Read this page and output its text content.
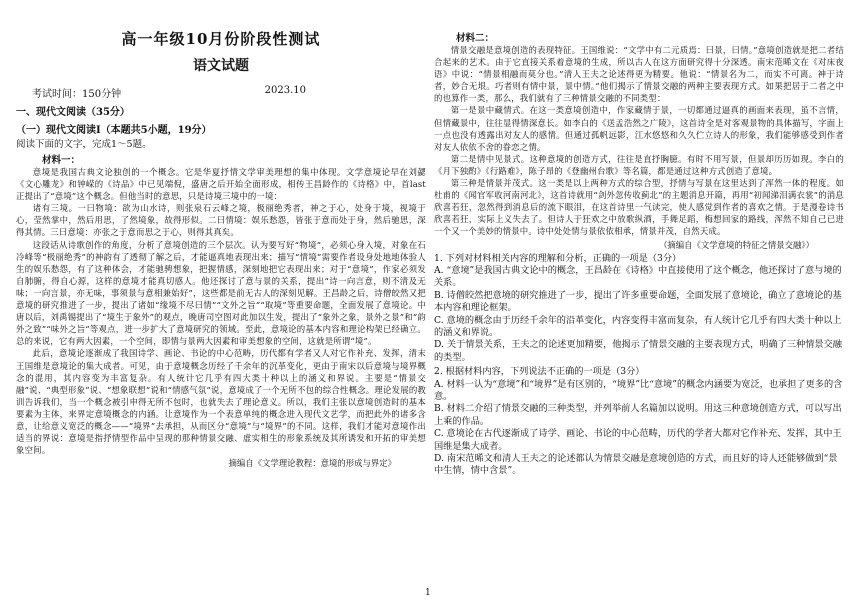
高一年级10月份阶段性测试

语文试题

考试时间：150分钟	2023.10

一、现代文阅读（35分）

（一）现代文阅读I（本题共5小题，19分）

阅读下面的文字，完成1～5题。

材料一：

意境是我国古典文论独创的一个概念。它是华夏抒情文学审美理想的集中体现。文学意境论早在刘勰《文心雕龙》和钟嵘的《诗品》中已见端倪，盛唐之后开始全面形成，相传王昌龄作的《诗格》中，首last正提出了“意境”这个概念。但他当时的意思，只是诗境三境中的一境：

诸有三境。一曰物境：欲为山水诗，则张泉石云峰之境，极丽绝秀者，神之于心，处身于境，视境于心，莹然掌中，然后用思，了然境象，故得形似。二曰情境：娱乐愁怨，皆张于意而处于身，然后驰思，深得其情。三曰意境：亦张之于意而思之于心，则得其真矣。

这段话从诗歌创作的角度，分析了意境创造的三个层次。认为要写好“物境”，必须心身入境，对象在石冷峰等“极丽绝秀”的神韵有了透彻了解之后，才能逼真地表现出来；描写“情境”需要作者设身处地地体验人生的娱乐愁怨，有了这种体会，才能驰骋想象，把握情感，深刻地把它表现出来；对于“意境”，作家必须发自肺腑，得自心源，这样的意境才能真切感人。他还探讨了意与景的关系，提出“诗一向言意，则不清及无味；一向言景，亦无味，事须景与意相兼始好”，这些都是前无古人的深刻见解。王昌龄之后，诗僧皎然又把意境的研究推进了一步，提出了诸如“缘境不尽曰情”“文外之旨”“取境”等重要命题，全面发展了意境论。中唐以后，刘禹锡提出了“境生于象外”的观点，晚唐司空图对此加以生发，提出了“象外之象，景外之景”和“韵外之致”“味外之旨”等观点，进一步扩大了意境研究的领域。至此，意境论的基本内容和理论构架已经确立。总的来说，它有两大因素，一个空间，即情与景两大因素和审美想象的空间，这就是所谓“境”。

此后，意境论逐渐成了我国诗学、画论、书论的中心范畴，历代都有学者又人对它作补充、发挥，清末王国维是意境论的集大成者。可见，由于意境概念历经了千余年的沉革变化，更由于南宋以后意境与境界概念的混用，其内容变为丰富复杂。有人统计它几乎有四大类十种以上的涵义和界说。主要是“情景交融”说、“典型形象”说、“想象联想”说和“情感气氛”说，意境成了一个无所不包的综合性概念。理论发展的教训告诉我们，当一个概念被引申得无所不包时，也就失去了理论意义。所以，我们主张以意境创造时的基本要素为主体，来界定意境概念的内涵。让意境作为一个表意单纯的概念进入现代文艺学，而把此外的诸多含意，让给意义宽泛的概念——“境界”去承担，从而区分“意境”与“境界”的不同。这样，我们才能对意境作出适当的界说：意境是指抒情型作品中呈现的那种情景交融、虚实相生的形象系统及其所诱发和开拓的审美想象空间。

摘编自《文学理论教程：意境的形成与界定》

材料二：

情景交融是意境创造的表现特征。王国维说：“文学中有二元质焉：曰景，曰情。”意境创造就是把二者结合起来的艺术。由于它直接关系着意境的生成，所以古人在这方面研究得十分深透。南宋范晞文在《对床夜语》中说：“情景相融而莫分也。”清人王夫之论述得更为精要。他说：“情景名为二，而实不可离。神于诗者，妙合无垠。巧者则有情中景，景中情。”他们揭示了情景交融的两种主要表现方式。如果把居于二者之中的也算作一类，那么，我们就有了三种情景交融的不同类型：

第一是景中藏情式。在这一类意境创造中，作家藏情于景，一切都通过逼真的画面来表现，虽不言情，但情藏景中，往往显得情深意长。如李白的《送孟浩然之广陵》，这首诗全是对客观景物的具体描写，字面上一点也没有透露出对友人的感情。但通过孤帆远影，江水悠悠和久久伫立诗人的形象，我们能够感受到作者对友人依依不舍的眷恋之情。

第二是情中见景式。这种意境的创造方式，往往是直抒胸臆。有时不用写景，但景却历历如现。李白的《月下独酌》《行路难》，陈子昂的《登幽州台歌》等名篇，都是通过这种方式创造了意境。

第三种是情景并茂式。这一类是以上两种方式的综合型，抒情与写景在这里达到了浑然一体的程度。如杜甫的《闻官军收河南河北》，这首诗就用“剑外忽传收蓟北”的主题消息开篇，再用“初闻涕泪满衣裳”的消息欣喜若狂，忽然得到消息后的流下眼泪，在这首诗里一气读完，使人感觉到作者的喜欢之情。于是漫卷诗书欣喜若狂，实际上义失去了。但诗人于狂欢之中放歌纵酒，手舞足蹈，梅想回家的路线，浑然不知自己已进一个又一个美妙的情景中。诗中处处情与景依依相承，情景并茂，自然天成。

（摘编自《文学意境的特征之情景交融》）

1. 下列对材料相关内容的理解和分析，正确的一项是（3分）

A. “意境”是我国古典文论中的概念，王昌龄在《诗格》中直接使用了这个概念，他还探讨了意与境的关系。

B. 诗僧皎然把意境的研究推进了一步，提出了许多重要命题，全面发展了意境论，确立了意境论的基本内容和理论框架。

C. 意境的概念由于历经千余年的沿革变化，内容变得丰富而复杂，有人统计它几乎有四大类十种以上的涵义和界说。

D. 关于情景关系，王夫之的论述更加精要，他揭示了情景交融的主要表现方式，明确了三种情景交融的类型。

2. 根据材料内容，下列说法不正确的一项是（3分）

A. 材料一认为“意境”和“境界”是有区别的，“境界”比“意境”的概念内涵要为宽泛，也承担了更多的含意。

B. 材料二介绍了情景交融的三种类型，并列举前人名篇加以说明。用这三种意境创造方式，可以写出上乘的作品。

C. 意境论在古代逐渐成了诗学、画论、书论的中心范畴，历代的学者大都对它作补充、发挥，其中王国维是集大成者。

D. 南宋范晞文和清人王夫之的论述都认为情景交融是意境创造的方式，而且好的诗人还能够做到“景中生情，情中含景”。

1
